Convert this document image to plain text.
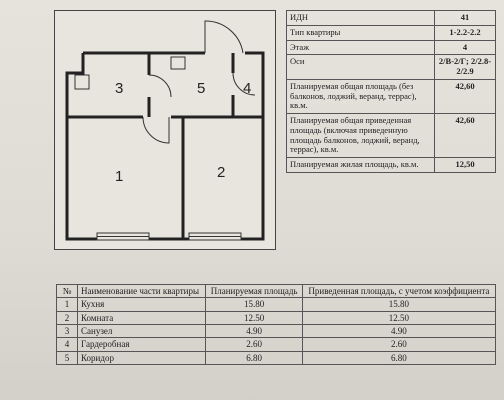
3	5	4
1	2
ИДН	41
Тип квартиры	1-2.2-2.2
Этаж	4
Оси	2/В-2/Г; 2/2.8-2/2.9
Планируемая общая площадь (без балконов, лоджий, веранд, террас), кв.м.	42,60
Планируемая общая приведенная площадь (включая приведенную площадь балконов, лоджий, веранд, террас), кв.м.	42,60
Планируемая жилая площадь, кв.м.	12,50
№	Наименование части квартиры	Планируемая площадь	Приведенная площадь, с учетом коэффициента
1	Кухня	15.80	15.80
2	Комната	12.50	12.50
3	Санузел	4.90	4.90
4	Гардеробная	2.60	2.60
5	Коридор	6.80	6.80
